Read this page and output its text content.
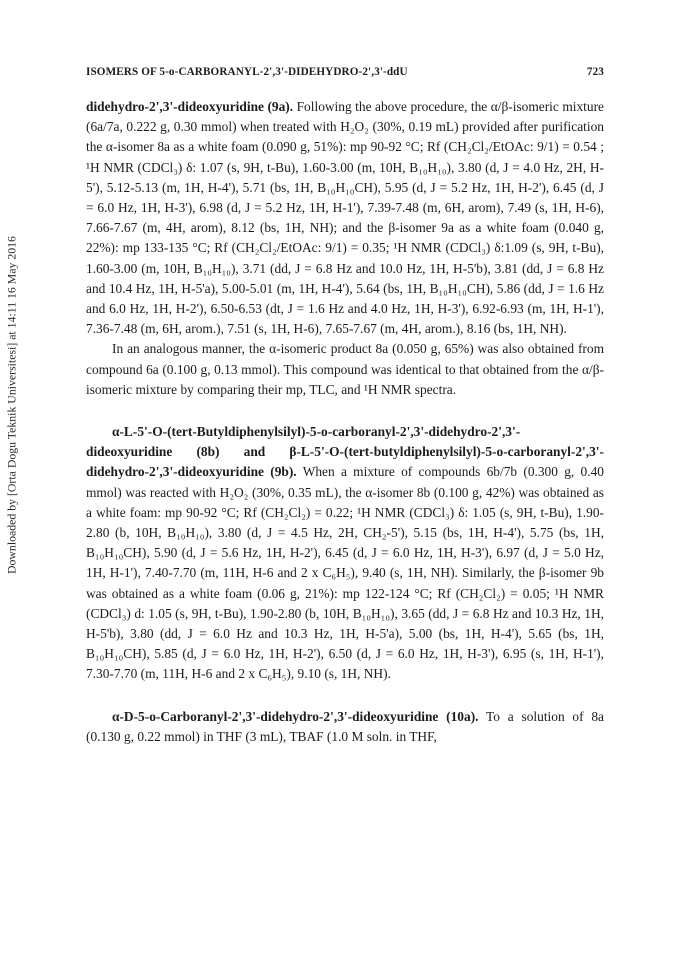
ISOMERS OF 5-o-CARBORANYL-2',3'-DIDEHYDRO-2',3'-ddU	723
Downloaded by [Orta Dogu Teknik Universitesi] at 14:11 16 May 2016

didehydro-2',3'-dideoxyuridine (9a). Following the above procedure, the α/β-isomeric mixture (6a/7a, 0.222 g, 0.30 mmol) when treated with H₂O₂ (30%, 0.19 mL) provided after purification the α-isomer 8a as a white foam (0.090 g, 51%): mp 90-92 °C; Rf (CH₂Cl₂/EtOAc: 9/1) = 0.54 ; ¹H NMR (CDCl₃) δ: 1.07 (s, 9H, t-Bu), 1.60-3.00 (m, 10H, B₁₀H₁₀), 3.80 (d, J = 4.0 Hz, 2H, H-5'), 5.12-5.13 (m, 1H, H-4'), 5.71 (bs, 1H, B₁₀H₁₀CH), 5.95 (d, J = 5.2 Hz, 1H, H-2'), 6.45 (d, J = 6.0 Hz, 1H, H-3'), 6.98 (d, J = 5.2 Hz, 1H, H-1'), 7.39-7.48 (m, 6H, arom), 7.49 (s, 1H, H-6), 7.66-7.67 (m, 4H, arom), 8.12 (bs, 1H, NH); and the β-isomer 9a as a white foam (0.040 g, 22%): mp 133-135 °C; Rf (CH₂Cl₂/EtOAc: 9/1) = 0.35; ¹H NMR (CDCl₃) δ:1.09 (s, 9H, t-Bu), 1.60-3.00 (m, 10H, B₁₀H₁₀), 3.71 (dd, J = 6.8 Hz and 10.0 Hz, 1H, H-5'b), 3.81 (dd, J = 6.8 Hz and 10.4 Hz, 1H, H-5'a), 5.00-5.01 (m, 1H, H-4'), 5.64 (bs, 1H, B₁₀H₁₀CH), 5.86 (dd, J = 1.6 Hz and 6.0 Hz, 1H, H-2'), 6.50-6.53 (dt, J = 1.6 Hz and 4.0 Hz, 1H, H-3'), 6.92-6.93 (m, 1H, H-1'), 7.36-7.48 (m, 6H, arom.), 7.51 (s, 1H, H-6), 7.65-7.67 (m, 4H, arom.), 8.16 (bs, 1H, NH).

In an analogous manner, the α-isomeric product 8a (0.050 g, 65%) was also obtained from compound 6a (0.100 g, 0.13 mmol). This compound was identical to that obtained from the α/β-isomeric mixture by comparing their mp, TLC, and ¹H NMR spectra.

α-L-5'-O-(tert-Butyldiphenylsilyl)-5-o-carboranyl-2',3'-didehydro-2',3'-dideoxyuridine (8b) and β-L-5'-O-(tert-butyldiphenylsilyl)-5-o-carboranyl-2',3'-didehydro-2',3'-dideoxyuridine (9b). When a mixture of compounds 6b/7b (0.300 g, 0.40 mmol) was reacted with H₂O₂ (30%, 0.35 mL), the α-isomer 8b (0.100 g, 42%) was obtained as a white foam: mp 90-92 °C; Rf (CH₂Cl₂) = 0.22; ¹H NMR (CDCl₃) δ: 1.05 (s, 9H, t-Bu), 1.90-2.80 (b, 10H, B₁₀H₁₀), 3.80 (d, J = 4.5 Hz, 2H, CH₂-5'), 5.15 (bs, 1H, H-4'), 5.75 (bs, 1H, B₁₀H₁₀CH), 5.90 (d, J = 5.6 Hz, 1H, H-2'), 6.45 (d, J = 6.0 Hz, 1H, H-3'), 6.97 (d, J = 5.0 Hz, 1H, H-1'), 7.40-7.70 (m, 11H, H-6 and 2 x C₆H₅), 9.40 (s, 1H, NH). Similarly, the β-isomer 9b was obtained as a white foam (0.06 g, 21%): mp 122-124 °C; Rf (CH₂Cl₂) = 0.05; ¹H NMR (CDCl₃) d: 1.05 (s, 9H, t-Bu), 1.90-2.80 (b, 10H, B₁₀H₁₀), 3.65 (dd, J = 6.8 Hz and 10.3 Hz, 1H, H-5'b), 3.80 (dd, J = 6.0 Hz and 10.3 Hz, 1H, H-5'a), 5.00 (bs, 1H, H-4'), 5.65 (bs, 1H, B₁₀H₁₀CH), 5.85 (d, J = 6.0 Hz, 1H, H-2'), 6.50 (d, J = 6.0 Hz, 1H, H-3'), 6.95 (s, 1H, H-1'), 7.30-7.70 (m, 11H, H-6 and 2 x C₆H₅), 9.10 (s, 1H, NH).

α-D-5-o-Carboranyl-2',3'-didehydro-2',3'-dideoxyuridine (10a). To a solution of 8a (0.130 g, 0.22 mmol) in THF (3 mL), TBAF (1.0 M soln. in THF,
